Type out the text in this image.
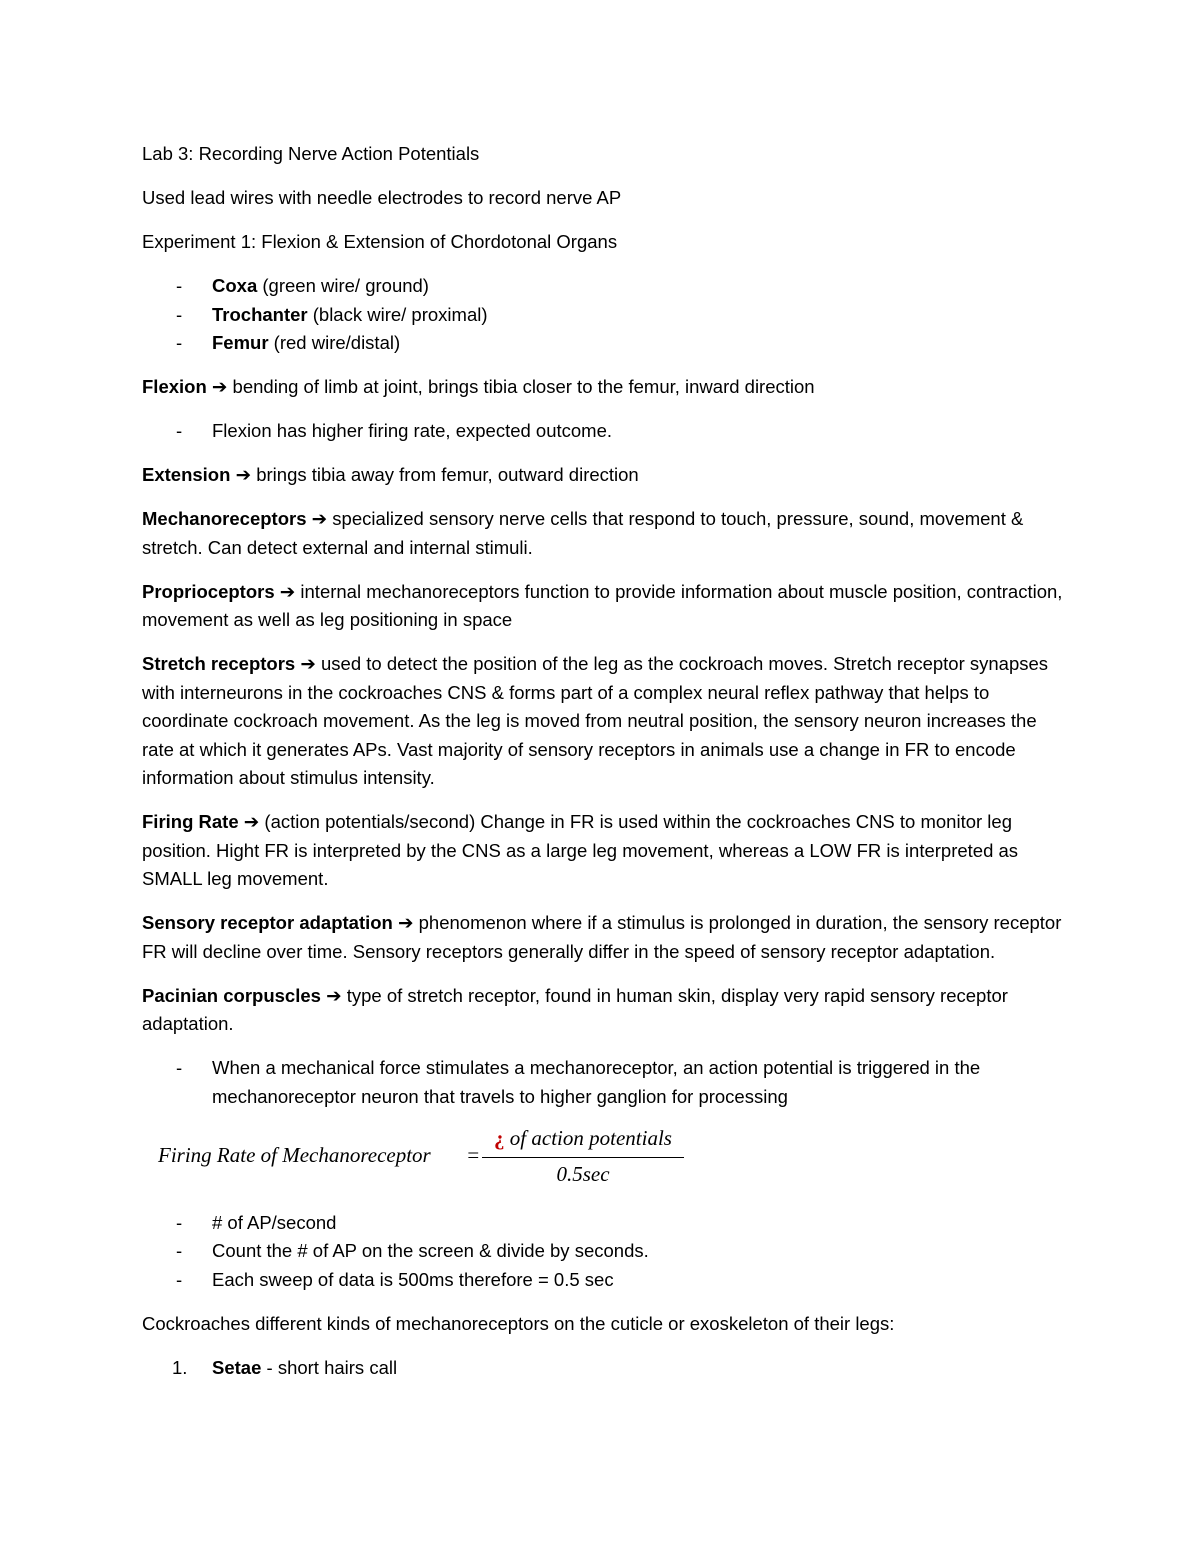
Lab 3: Recording Nerve Action Potentials

Used lead wires with needle electrodes to record nerve AP

Experiment 1: Flexion & Extension of Chordotonal Organs

- Coxa (green wire/ ground)
- Trochanter (black wire/ proximal)
- Femur (red wire/distal)

Flexion ➔ bending of limb at joint, brings tibia closer to the femur, inward direction

- Flexion has higher firing rate, expected outcome.

Extension ➔ brings tibia away from femur, outward direction

Mechanoreceptors ➔ specialized sensory nerve cells that respond to touch, pressure, sound, movement & stretch. Can detect external and internal stimuli.

Proprioceptors ➔ internal mechanoreceptors function to provide information about muscle position, contraction, movement as well as leg positioning in space

Stretch receptors ➔ used to detect the position of the leg as the cockroach moves. Stretch receptor synapses with interneurons in the cockroaches CNS & forms part of a complex neural reflex pathway that helps to coordinate cockroach movement. As the leg is moved from neutral position, the sensory neuron increases the rate at which it generates APs. Vast majority of sensory receptors in animals use a change in FR to encode information about stimulus intensity.

Firing Rate ➔ (action potentials/second) Change in FR is used within the cockroaches CNS to monitor leg position. Hight FR is interpreted by the CNS as a large leg movement, whereas a LOW FR is interpreted as SMALL leg movement.

Sensory receptor adaptation ➔ phenomenon where if a stimulus is prolonged in duration, the sensory receptor FR will decline over time. Sensory receptors generally differ in the speed of sensory receptor adaptation.

Pacinian corpuscles ➔ type of stretch receptor, found in human skin, display very rapid sensory receptor adaptation.

- When a mechanical force stimulates a mechanoreceptor, an action potential is triggered in the mechanoreceptor neuron that travels to higher ganglion for processing
Firing Rate of Mechanoreceptor =
¿ of action potentials
0.5sec
- # of AP/second
- Count the # of AP on the screen & divide by seconds.
- Each sweep of data is 500ms therefore = 0.5 sec

Cockroaches different kinds of mechanoreceptors on the cuticle or exoskeleton of their legs:

1. Setae - short hairs call
